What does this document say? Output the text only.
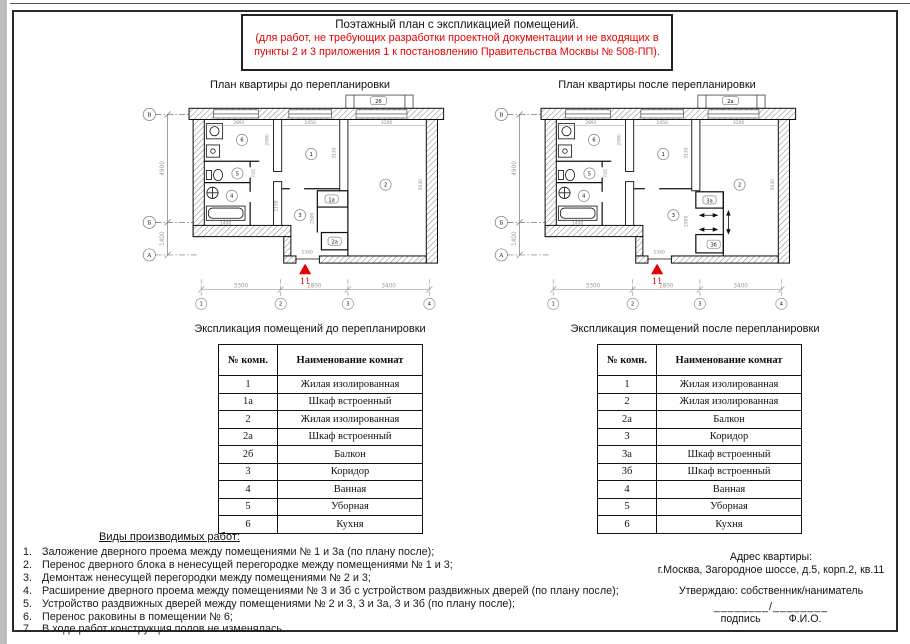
Поэтажный план с экспликацией помещений.
(для работ, не требующих разработки проектной документации и не входящих в пункты 2 и 3 приложения 1 к постановлению Правительства Москвы № 508-ПП).
План квартиры до перепланировки	План квартиры после перепланировки
В
Б
А
4900
1400
2б
6
1
2
5
4
3
1а
2а
2891	2450	3200
2080
3130
5030
745
2198
2500
1490
1340
11
3300	2800	3400
1	2	3	4
В
Б
А
4900
1400
2а
6
1
2
5
4
3
3а
3б
2891	2450	3200
2080
3130
5030
745
2500
1490
1340
11
3300	2800	3400
1	2	3	4
Экспликация помещений до перепланировки	Экспликация помещений после перепланировки
№ комн.	Наименование комнат
1	Жилая изолированная
1а	Шкаф встроенный
2	Жилая изолированная
2а	Шкаф встроенный
2б	Балкон
3	Коридор
4	Ванная
5	Уборная
6	Кухня
№ комн.	Наименование комнат
1	Жилая изолированная
2	Жилая изолированная
2а	Балкон
3	Коридор
3а	Шкаф встроенный
3б	Шкаф встроенный
4	Ванная
5	Уборная
6	Кухня
Виды производимых работ:
1. Заложение дверного проема между помещениями № 1 и 3а (по плану после);
2. Перенос дверного блока в ненесущей перегородке между помещениями № 1 и 3;
3. Демонтаж ненесущей перегородки между помещениями № 2 и 3;
4. Расширение дверного проема между помещениями № 3 и 3б с устройством раздвижных дверей (по плану после);
5. Устройство раздвижных дверей между помещениями № 2 и 3, 3 и 3а, 3 и 3б (по плану после);
6. Перенос раковины в помещении № 6;
7. В ходе работ конструкция полов не изменялась.
Адрес квартиры:
г.Москва, Загородное шоссе, д.5, корп.2, кв.11
Утверждаю: собственник/наниматель
________/________
подпись	Ф.И.О.
